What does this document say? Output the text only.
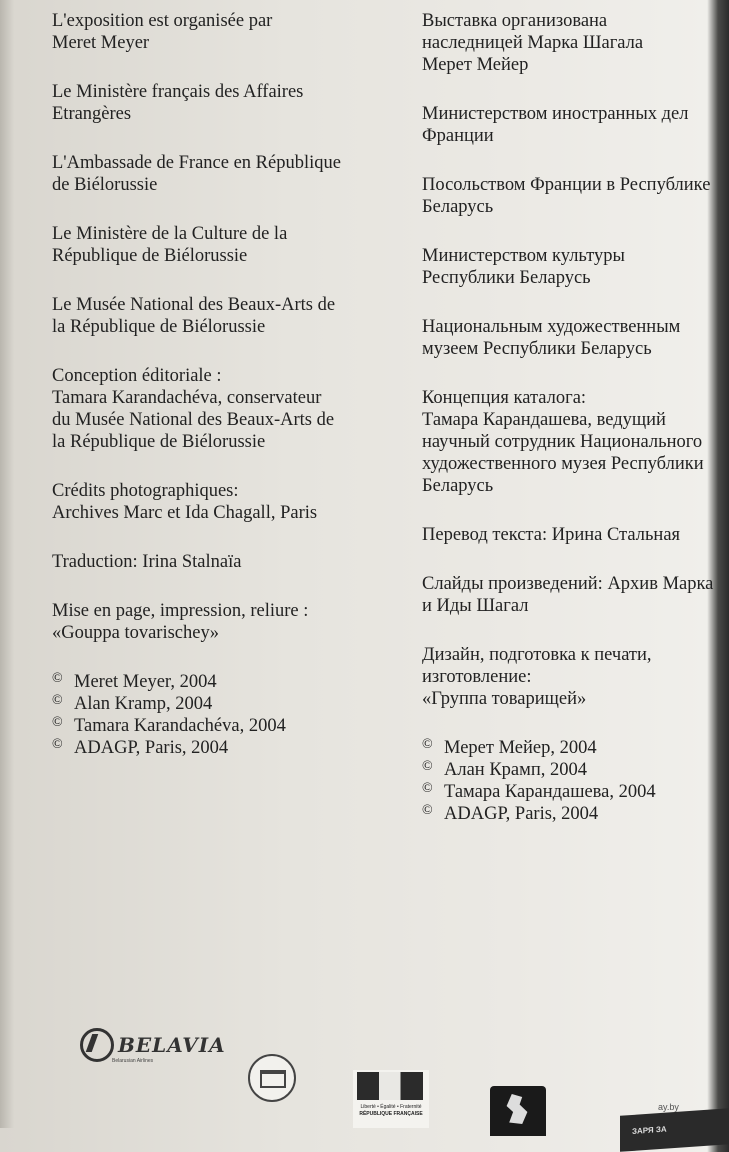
L'exposition est organisée par
Meret Meyer
Le Ministère français des Affaires
Etrangères
L'Ambassade de France en République
de Biélorussie
Le Ministère de la Culture de la
République de Biélorussie
Le Musée National des Beaux-Arts de
la République de Biélorussie
Conception éditoriale :
Tamara Karandachéva, conservateur
du Musée National des Beaux-Arts de
la République de Biélorussie
Crédits photographiques:
Archives Marc et Ida Chagall, Paris
Traduction: Irina Stalnaïa
Mise en page, impression, reliure :
«Gouppa tovarischey»
© Meret Meyer, 2004
© Alan Kramp, 2004
© Tamara Karandachéva, 2004
© ADAGP, Paris, 2004
Выставка организована
наследницей Марка Шагала
Мерет Мейер
Министерством иностранных дел
Франции
Посольством Франции в Республике
Беларусь
Министерством культуры
Республики Беларусь
Национальным художественным
музеем Республики Беларусь
Концепция каталога:
Тамара Карандашева, ведущий
научный сотрудник Национального
художественного музея Республики
Беларусь
Перевод текста: Ирина Стальная
Слайды произведений: Архив Марка
и Иды Шагал
Дизайн, подготовка к печати,
изготовление:
«Группа товарищей»
© Мерет Мейер, 2004
© Алан Крамп, 2004
© Тамара Карандашева, 2004
© ADAGP, Paris, 2004
BELAVIA
Belarusian Airlines
Liberté • Égalité • Fraternité
RÉPUBLIQUE FRANÇAISE
ЗАРЯ ЗА
ay.by
